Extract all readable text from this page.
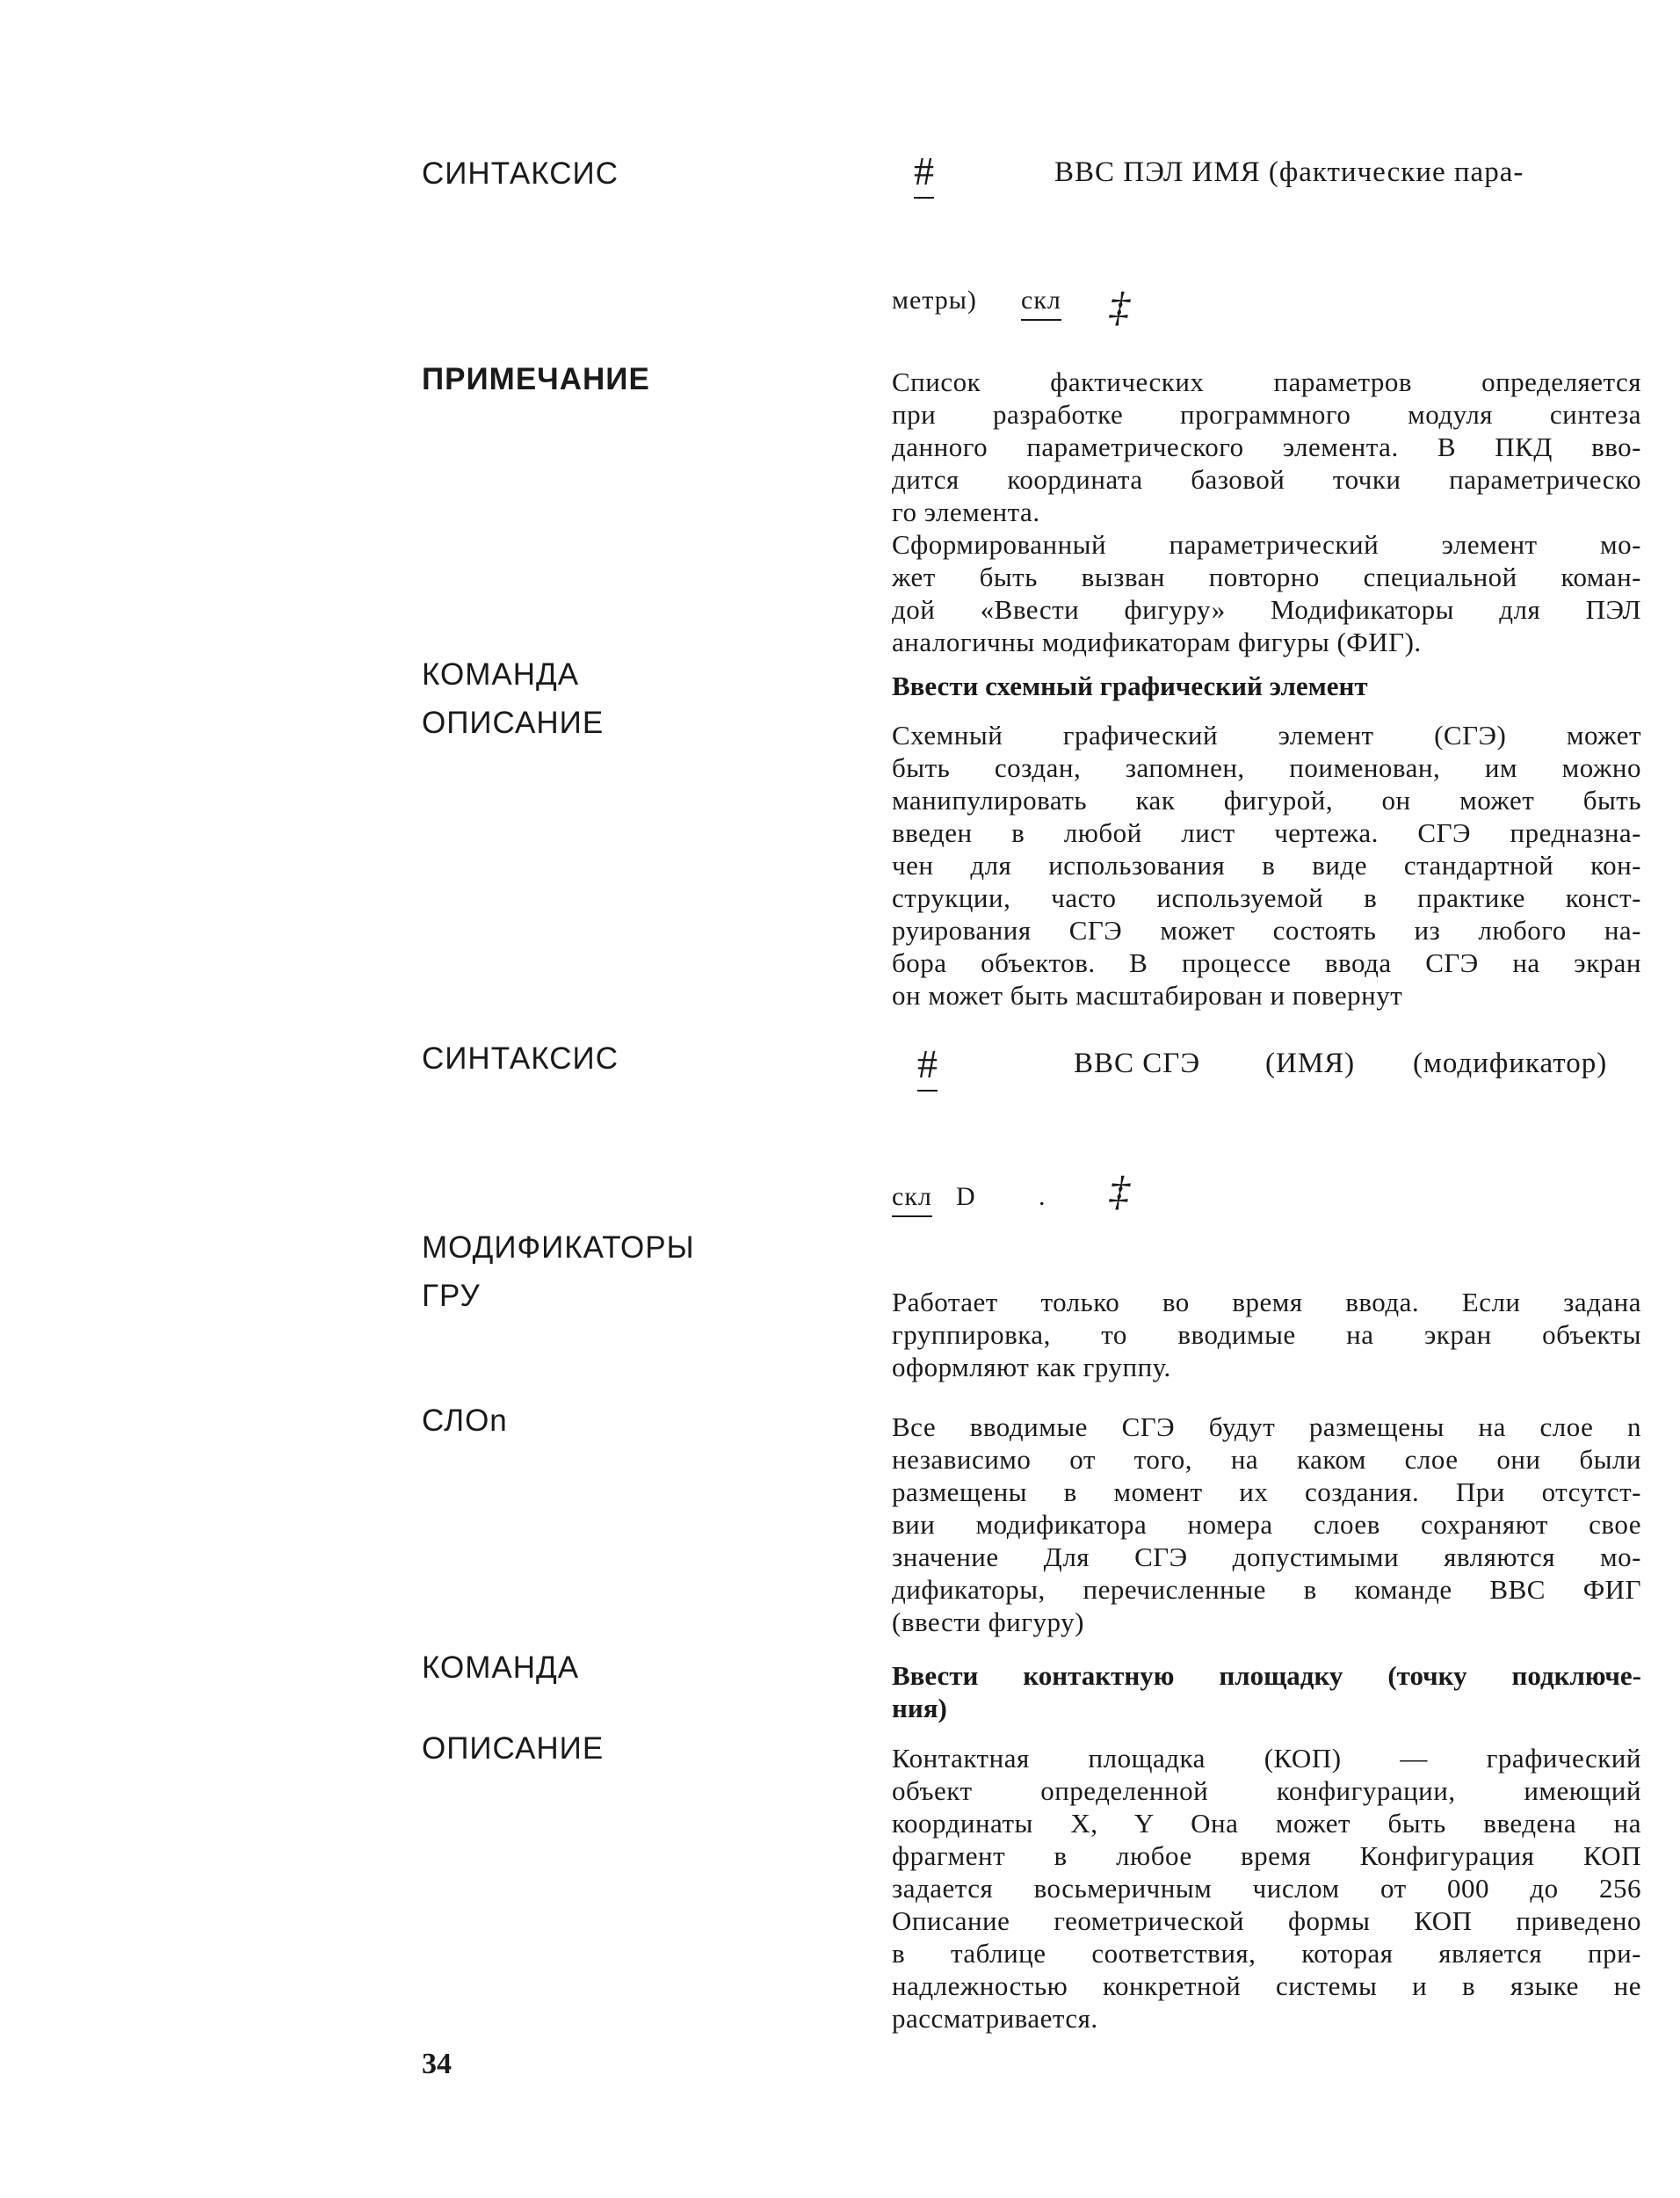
СИНТАКСИС
ПРИМЕЧАНИЕ
КОМАНДА
ОПИСАНИЕ
СИНТАКСИС
МОДИФИКАТОРЫ
ГРУ
СЛОn
КОМАНДА
ОПИСАНИЕ
#	ВВС ПЭЛ ИМЯ (фактические пара-
метры) скл ‡
Список фактических параметров определяется
при разработке программного модуля синтеза
данного параметрического элемента. В ПКД вво-
дится координата базовой точки параметрическо
го элемента.
Сформированный параметрический элемент мо-
жет быть вызван повторно специальной коман-
дой «Ввести фигуру» Модификаторы для ПЭЛ
аналогичны модификаторам фигуры (ФИГ).
Ввести схемный графический элемент
Схемный графический элемент (СГЭ) может
быть создан, запомнен, поименован, им можно
манипулировать как фигурой, он может быть
введен в любой лист чертежа. СГЭ предназна-
чен для использования в виде стандартной кон-
струкции, часто используемой в практике конст-
руирования СГЭ может состоять из любого на-
бора объектов. В процессе ввода СГЭ на экран
он может быть масштабирован и повернут
#	ВВС СГЭ (ИМЯ) (модификатор)
скл D . ‡
Работает только во время ввода. Если задана
группировка, то вводимые на экран объекты
оформляют как группу.
Все вводимые СГЭ будут размещены на слое n
независимо от того, на каком слое они были
размещены в момент их создания. При отсутст-
вии модификатора номера слоев сохраняют свое
значение Для СГЭ допустимыми являются мо-
дификаторы, перечисленные в команде ВВС ФИГ
(ввести фигуру)
Ввести контактную площадку (точку подключе-
ния)
Контактная площадка (КОП) — графический
объект определенной конфигурации, имеющий
координаты X, Y Она может быть введена на
фрагмент в любое время Конфигурация КОП
задается восьмеричным числом от 000 до 256
Описание геометрической формы КОП приведено
в таблице соответствия, которая является при-
надлежностью конкретной системы и в языке не
рассматривается.
34
